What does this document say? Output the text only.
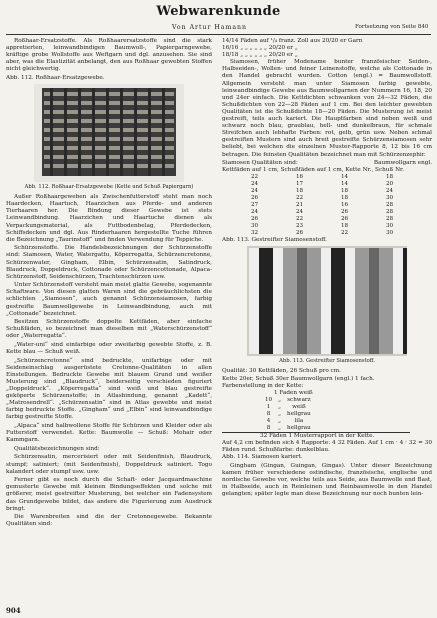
Webwarenkunde
Von Artur Hamann	Fortsetzung von Seite 840

Roßhaar-Ersatzstoffe. Als Roßhaarersatzstoffe sind die stark appretierten, leinwandbindigen Baumwoll-, Papiergarngewebe, kräftige grobe Wollstoffe aus Weftgarn und dgl. anzusehen. Sie sind aber, was die Elastizität anbelangt, den aus Roßhaar gewebten Stoffen nicht gleichwertig.

Abb. 112. Roßhaar-Ersatzgewebe.

Abb. 112. Roßhaar-Ersatzgewebe (Kette und Schuß Papiergarn)

Außer Roßhaargeweben als Zwischenfutterstoff steht man noch Haardecken, Haartuch, Haarzichen aus Pferde- und anderen Tierhaaren her. Die Bindung dieser Gewebe ist stets Leinwandbindung. Haarzichen und Haartuche dienen als Verpackungsmaterial, als Futtbodenbelag, Pferdedecken, Schiffsdecken und dgl. Aus Rinderhaaren hergestellte Tuche führen die Bezeichnung „Taurinstoff“ und finden Verwendung für Teppiche.

Schürzenstoffe. Die Handelsbezeichnungen der Schürzenstoffe sind: Siamosen, Water, Watergattu, Köperregatta, Schürzencretonne, Schürzenwater, Gingham, Elbin, Schürzensatin, Satindruck, Blaudruck, Doppeldruck, Cottonade oder Schürzencottonade, Alpaca-Schürzenstoff, Seidenschürzen, Trachtenschürzen usw.

Unter Schürzenstoff versteht man meist glatte Gewebe, sogenannte Schaftware. Von diesen glatten Waren sind die gebräuchlichsten die schlichten „Siamosen“, auch genannt Schürzensiamosen, farbig gestreifte Baumwollgewebe in Leinwandbindung, auch mit „Cottonade“ bezeichnet.

Besitzen Schürzenstoffe doppelte Kettfäden, aber einfache Schußfäden, so bezeichnet man dieselben mit „Waterschürzenstoff“ oder „Waterregatta“.

„Water-uni“ sind einfarbige oder zweifarbig gewebte Stoffe, z. B. Kette blau — Schuß weiß.

„Schürzencretonne“ sind bedruckte, unifarbige oder mit Seideneinschlag ausgerüstete Cretonne-Qualitäten in allen Einstellungen. Bedruckte Gewebe mit blauem Grund und weißer Musterung sind „Blaudruck“, beiderseitig verschieden figuriert „Doppeldruck“. „Köperregatta“ sind weiß und blau gestreifte geköperte Schürzenstoffe; in Atlasbindung, genannt „Kadett“, „Matrosendrell“. „Schürzensatin“ sind in Atlas gewebte und meist farbig bedruckte Stoffe. „Gingham“ und „Elbin“ sind leinwandbindige farbig gestreifte Stoffe.

„Alpaca“ sind halbwollene Stoffe für Schürzen und Kleider oder als Futterstoff verwendet. Kette: Baumwolle — Schuß: Mohair oder Kammgarn.

Qualitätsbezeichnungen sind:

Schürzensatin, mercerisiert oder mit Seidenfinish, Blaudruck, stumpf; satiniert; (mit Seidenfinish), Doppeldruck satiniert. Togo kalandert oder stumpf usw. usw.

Ferner gibt es noch durch die Schaft- oder Jacquardmaschine gemusterte Gewebe mit kleinen Bindungseffekten und solche mit größerer, meist gestreifter Musterung, bei welcher ein Fadensystem das Grundgewebe bildet, das andere die Figurierung zum Ausdruck bringt.

Die Warenbreiten sind die der Cretonnegewebe. Bekannte Qualitäten sind:

14/14 Fäden auf ¹/₄ franz. Zoll aus 20/20 er Garn
16/16 „ „ „ „ „ „ 20/20 er „
18/18 „ „ „ „ „ „ 20/20 er „

Siamosen, früher Modename bunter französischer Seiden-, Halbseiden-, Wollen- und feiner Leinenstoffe, welche als Cottonade in den Handel gebracht wurden. Cotton (engl.) = Baumwollstoff. Allgemein versteht man unter Siamosen farbig gewebte, leinwandbindige Gewebe aus Baumwollgarnen der Nummern 16, 18, 20 und 24er einfach. Die Kettdichten schwanken von 24—32 Fäden, die Schußdichten von 22—28 Fäden auf 1 cm. Bei den leichter gewebten Qualitäten ist die Schußdichte 18—20 Fäden. Die Musterung ist meist gestreift, teils auch kariert. Die Hauptfarben sind neben weiß und schwarz noch blau, graublau, hell- und dunkelbraun, für schmale Streifchen auch lebhafte Farben: rot, gelb, grün usw. Neben schmal gestreiften Mustern sind auch breit gestreifte Schürzensiamosen sehr beliebt, bei welchen die einzelnen Muster-Rapporte 8, 12 bis 16 cm betragen. Die feinsten Qualitäten bezeichnet man mit Schürzenzephir.

Siamosen Qualitäten sind:	Baumwollgarn engl.
Kettfäden auf 1 cm, Schußfäden auf 1 cm, Kette Nr., Schuß Nr.
22	16	14	18
24	17	14	20
24	18	18	24
26	22	18	30
27	21	16	28
24	24	26	28
26	22	26	28
30	23	18	30
32	26	22	30

Abb. 113. Gestreifter Siamosenstoff.

Abb. 113. Gestreifter Siamosenstoff.
Qualität: 30 Kettfäden, 26 Schuß pro cm.
Kette 20er, Schuß 30er Baumwollgarn (engl.) 1 fach.
Farbenstellung in der Kette:
1 Faden weiß
10	„	schwarz
1	„	weiß
8	„	hellgrau
4	„	lila
8	„	hellgrau
32 Fäden 1 Musterrapport in der Kette.
Auf 4,2 cm befinden sich 4 Rapporte: 4 32 Fäden. Auf 1 cm · 4 · 32 = 30 Fäden rund. Schußfarbe: dunkelblau.

Abb. 114. Siamosen kariert.

Gingham (Gingan, Guingan, Gingas). Unter dieser Bezeichnung kamen früher verschiedene ostindische, französische, englische und nordische Gewebe vor, welche teils aus Seide, aus Baumwolle und Bast, in Halbseide, auch in Reinleinen und Reinbaumwolle in den Handel gelangten; später legte man diese Bezeichnung nur noch bunten lein-

904
